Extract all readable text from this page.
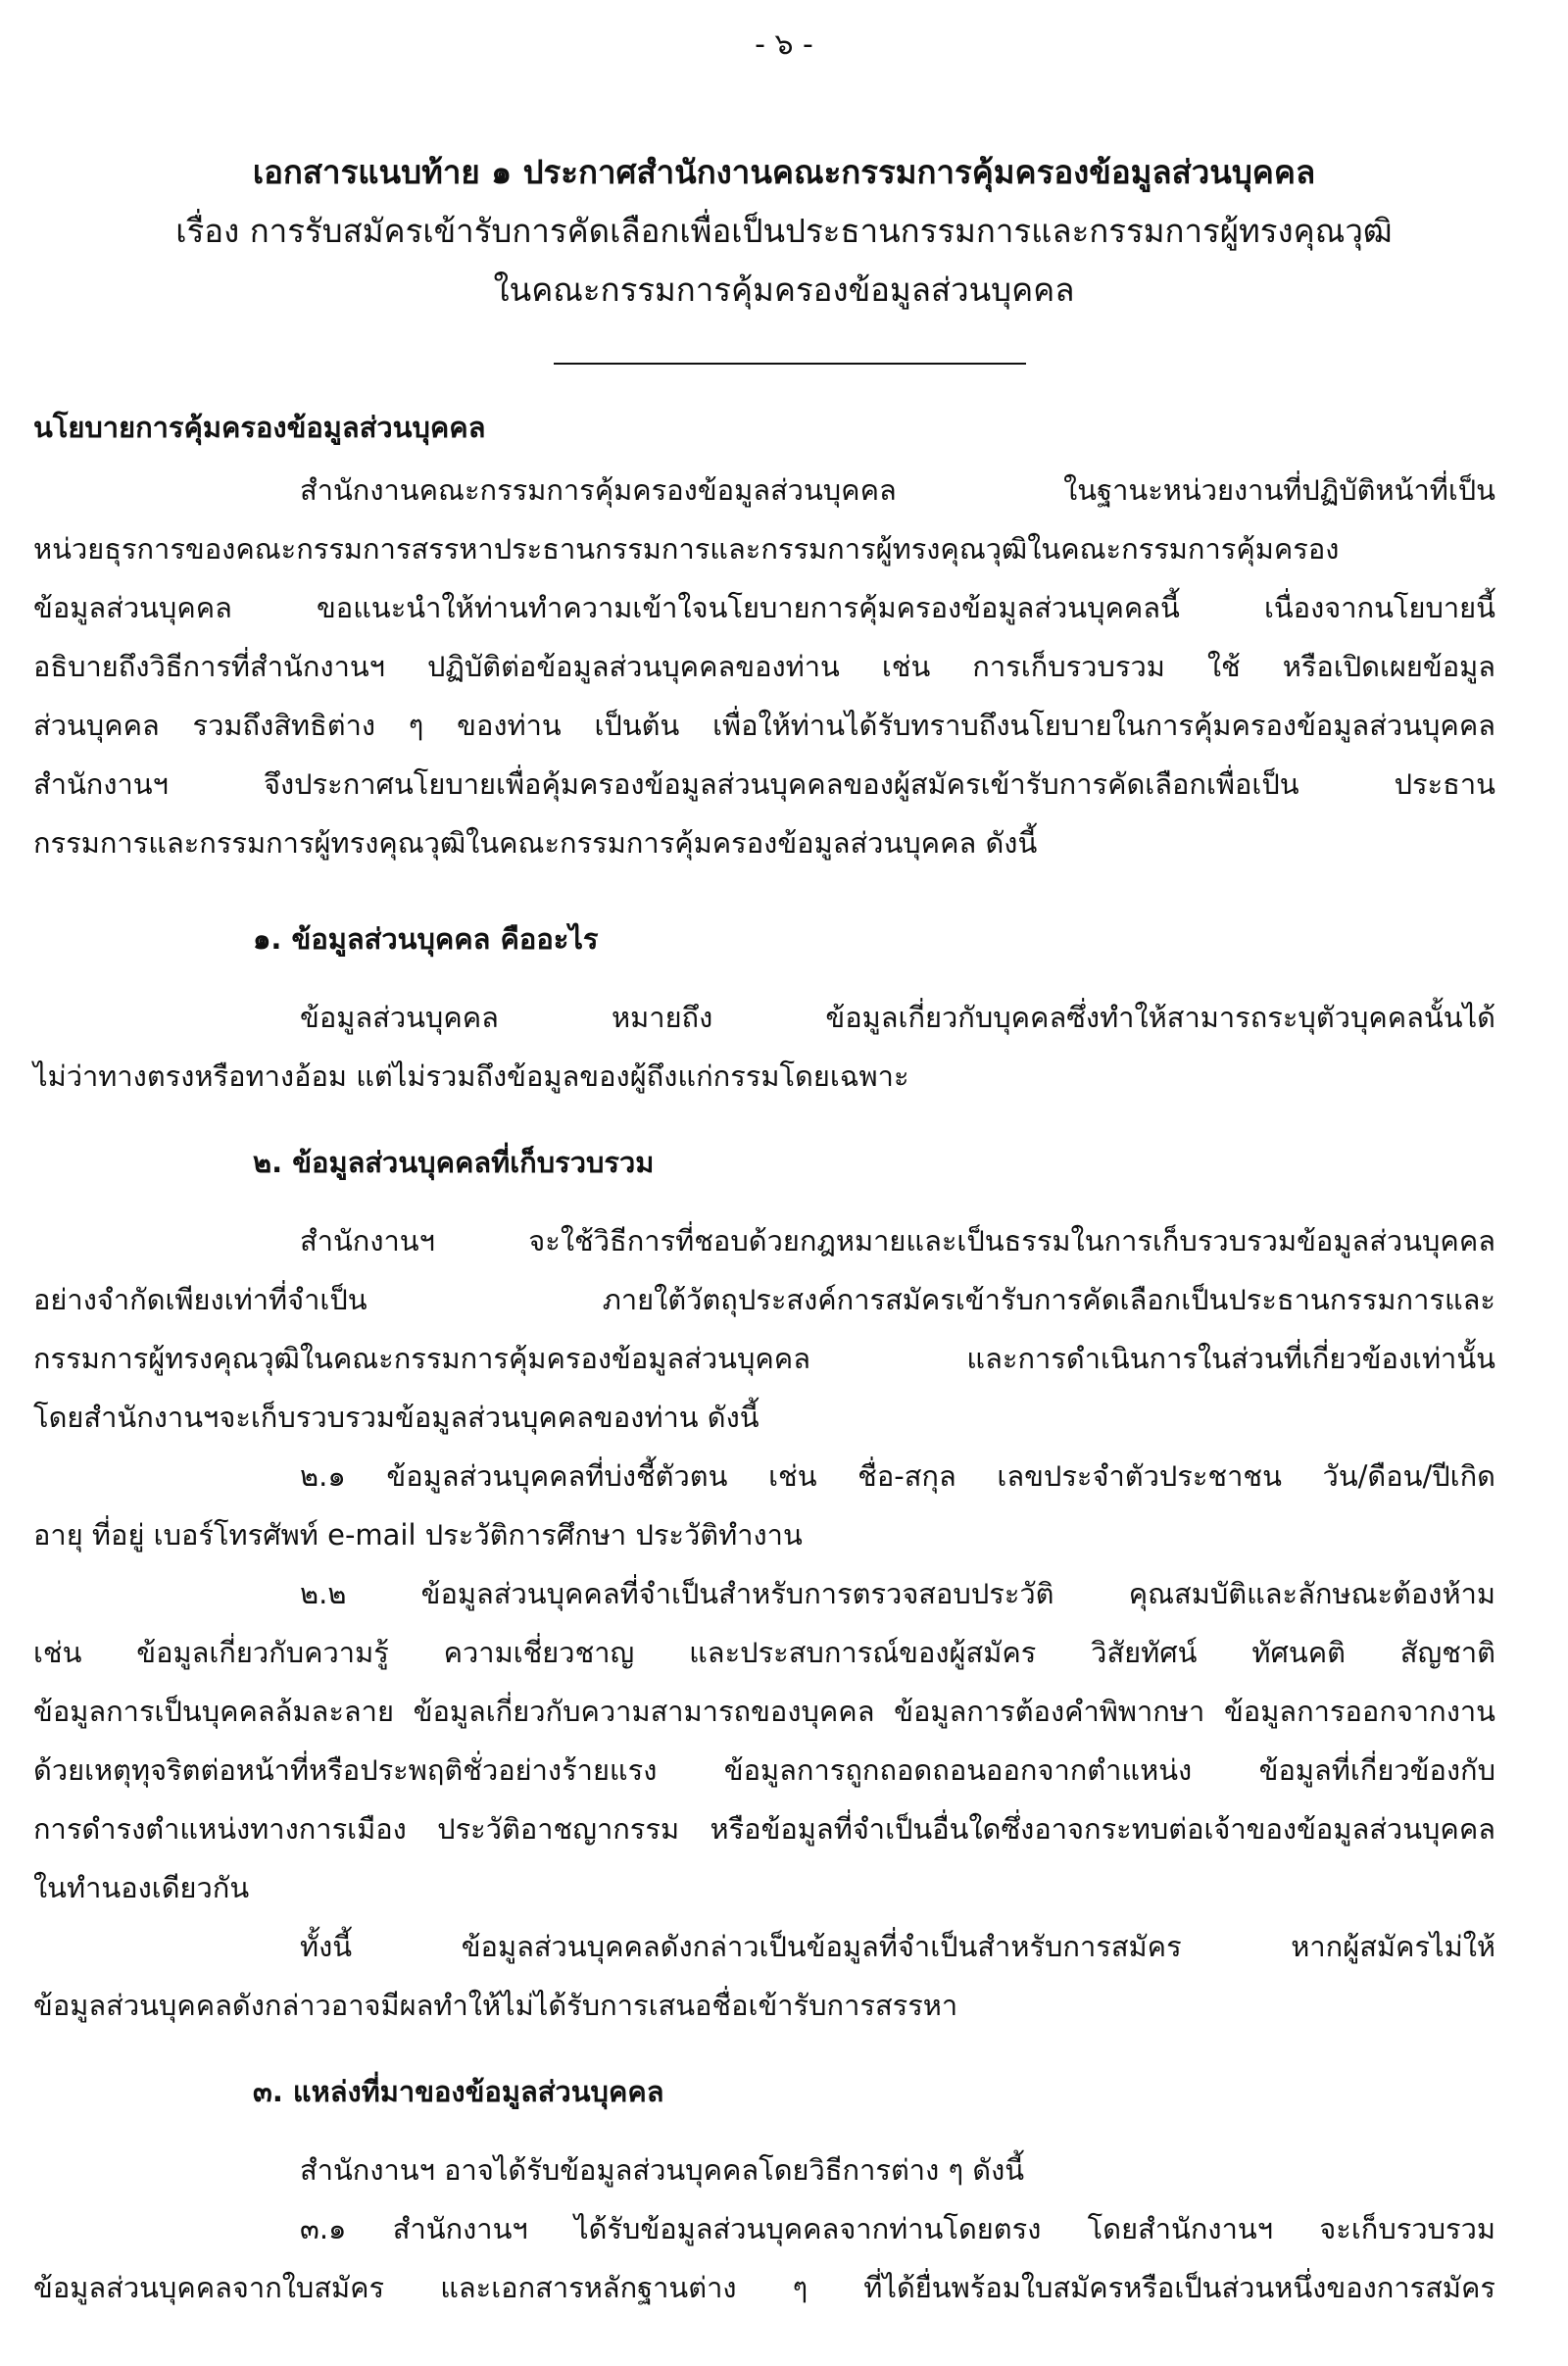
- ๖ -
เอกสารแนบท้าย ๑ ประกาศสำนักงานคณะกรรมการคุ้มครองข้อมูลส่วนบุคคล
เรื่อง การรับสมัครเข้ารับการคัดเลือกเพื่อเป็นประธานกรรมการและกรรมการผู้ทรงคุณวุฒิ
ในคณะกรรมการคุ้มครองข้อมูลส่วนบุคคล
นโยบายการคุ้มครองข้อมูลส่วนบุคคล
สำนักงานคณะกรรมการคุ้มครองข้อมูลส่วนบุคคล ในฐานะหน่วยงานที่ปฏิบัติหน้าที่เป็น
หน่วยธุรการของคณะกรรมการสรรหาประธานกรรมการและกรรมการผู้ทรงคุณวุฒิในคณะกรรมการคุ้มครอง
ข้อมูลส่วนบุคคล ขอแนะนำให้ท่านทำความเข้าใจนโยบายการคุ้มครองข้อมูลส่วนบุคคลนี้ เนื่องจากนโยบายนี้
อธิบายถึงวิธีการที่สำนักงานฯ ปฏิบัติต่อข้อมูลส่วนบุคคลของท่าน เช่น การเก็บรวบรวม ใช้ หรือเปิดเผยข้อมูล
ส่วนบุคคล รวมถึงสิทธิต่าง ๆ ของท่าน เป็นต้น เพื่อให้ท่านได้รับทราบถึงนโยบายในการคุ้มครองข้อมูลส่วนบุคคล
สำนักงานฯ จึงประกาศนโยบายเพื่อคุ้มครองข้อมูลส่วนบุคคลของผู้สมัครเข้ารับการคัดเลือกเพื่อเป็น ประธาน
กรรมการและกรรมการผู้ทรงคุณวุฒิในคณะกรรมการคุ้มครองข้อมูลส่วนบุคคล ดังนี้
๑. ข้อมูลส่วนบุคคล คืออะไร
ข้อมูลส่วนบุคคล หมายถึง ข้อมูลเกี่ยวกับบุคคลซึ่งทำให้สามารถระบุตัวบุคคลนั้นได้
ไม่ว่าทางตรงหรือทางอ้อม แต่ไม่รวมถึงข้อมูลของผู้ถึงแก่กรรมโดยเฉพาะ
๒. ข้อมูลส่วนบุคคลที่เก็บรวบรวม
สำนักงานฯ จะใช้วิธีการที่ชอบด้วยกฎหมายและเป็นธรรมในการเก็บรวบรวมข้อมูลส่วนบุคคล
อย่างจำกัดเพียงเท่าที่จำเป็น ภายใต้วัตถุประสงค์การสมัครเข้ารับการคัดเลือกเป็นประธานกรรมการและ
กรรมการผู้ทรงคุณวุฒิในคณะกรรมการคุ้มครองข้อมูลส่วนบุคคล และการดำเนินการในส่วนที่เกี่ยวข้องเท่านั้น
โดยสำนักงานฯจะเก็บรวบรวมข้อมูลส่วนบุคคลของท่าน ดังนี้
๒.๑ ข้อมูลส่วนบุคคลที่บ่งชี้ตัวตน เช่น ชื่อ-สกุล เลขประจำตัวประชาชน วัน/ดือน/ปีเกิด
อายุ ที่อยู่ เบอร์โทรศัพท์ e-mail ประวัติการศึกษา ประวัติทำงาน
๒.๒ ข้อมูลส่วนบุคคลที่จำเป็นสำหรับการตรวจสอบประวัติ คุณสมบัติและลักษณะต้องห้าม
เช่น ข้อมูลเกี่ยวกับความรู้ ความเชี่ยวชาญ และประสบการณ์ของผู้สมัคร วิสัยทัศน์ ทัศนคติ สัญชาติ
ข้อมูลการเป็นบุคคลล้มละลาย ข้อมูลเกี่ยวกับความสามารถของบุคคล ข้อมูลการต้องคำพิพากษา ข้อมูลการออกจากงาน
ด้วยเหตุทุจริตต่อหน้าที่หรือประพฤติชั่วอย่างร้ายแรง ข้อมูลการถูกถอดถอนออกจากตำแหน่ง ข้อมูลที่เกี่ยวข้องกับ
การดำรงตำแหน่งทางการเมือง ประวัติอาชญากรรม หรือข้อมูลที่จำเป็นอื่นใดซึ่งอาจกระทบต่อเจ้าของข้อมูลส่วนบุคคล
ในทำนองเดียวกัน
ทั้งนี้ ข้อมูลส่วนบุคคลดังกล่าวเป็นข้อมูลที่จำเป็นสำหรับการสมัคร หากผู้สมัครไม่ให้
ข้อมูลส่วนบุคคลดังกล่าวอาจมีผลทำให้ไม่ได้รับการเสนอชื่อเข้ารับการสรรหา
๓. แหล่งที่มาของข้อมูลส่วนบุคคล
สำนักงานฯ อาจได้รับข้อมูลส่วนบุคคลโดยวิธีการต่าง ๆ ดังนี้
๓.๑ สำนักงานฯ ได้รับข้อมูลส่วนบุคคลจากท่านโดยตรง โดยสำนักงานฯ จะเก็บรวบรวม
ข้อมูลส่วนบุคคลจากใบสมัคร และเอกสารหลักฐานต่าง ๆ ที่ได้ยื่นพร้อมใบสมัครหรือเป็นส่วนหนึ่งของการสมัคร
